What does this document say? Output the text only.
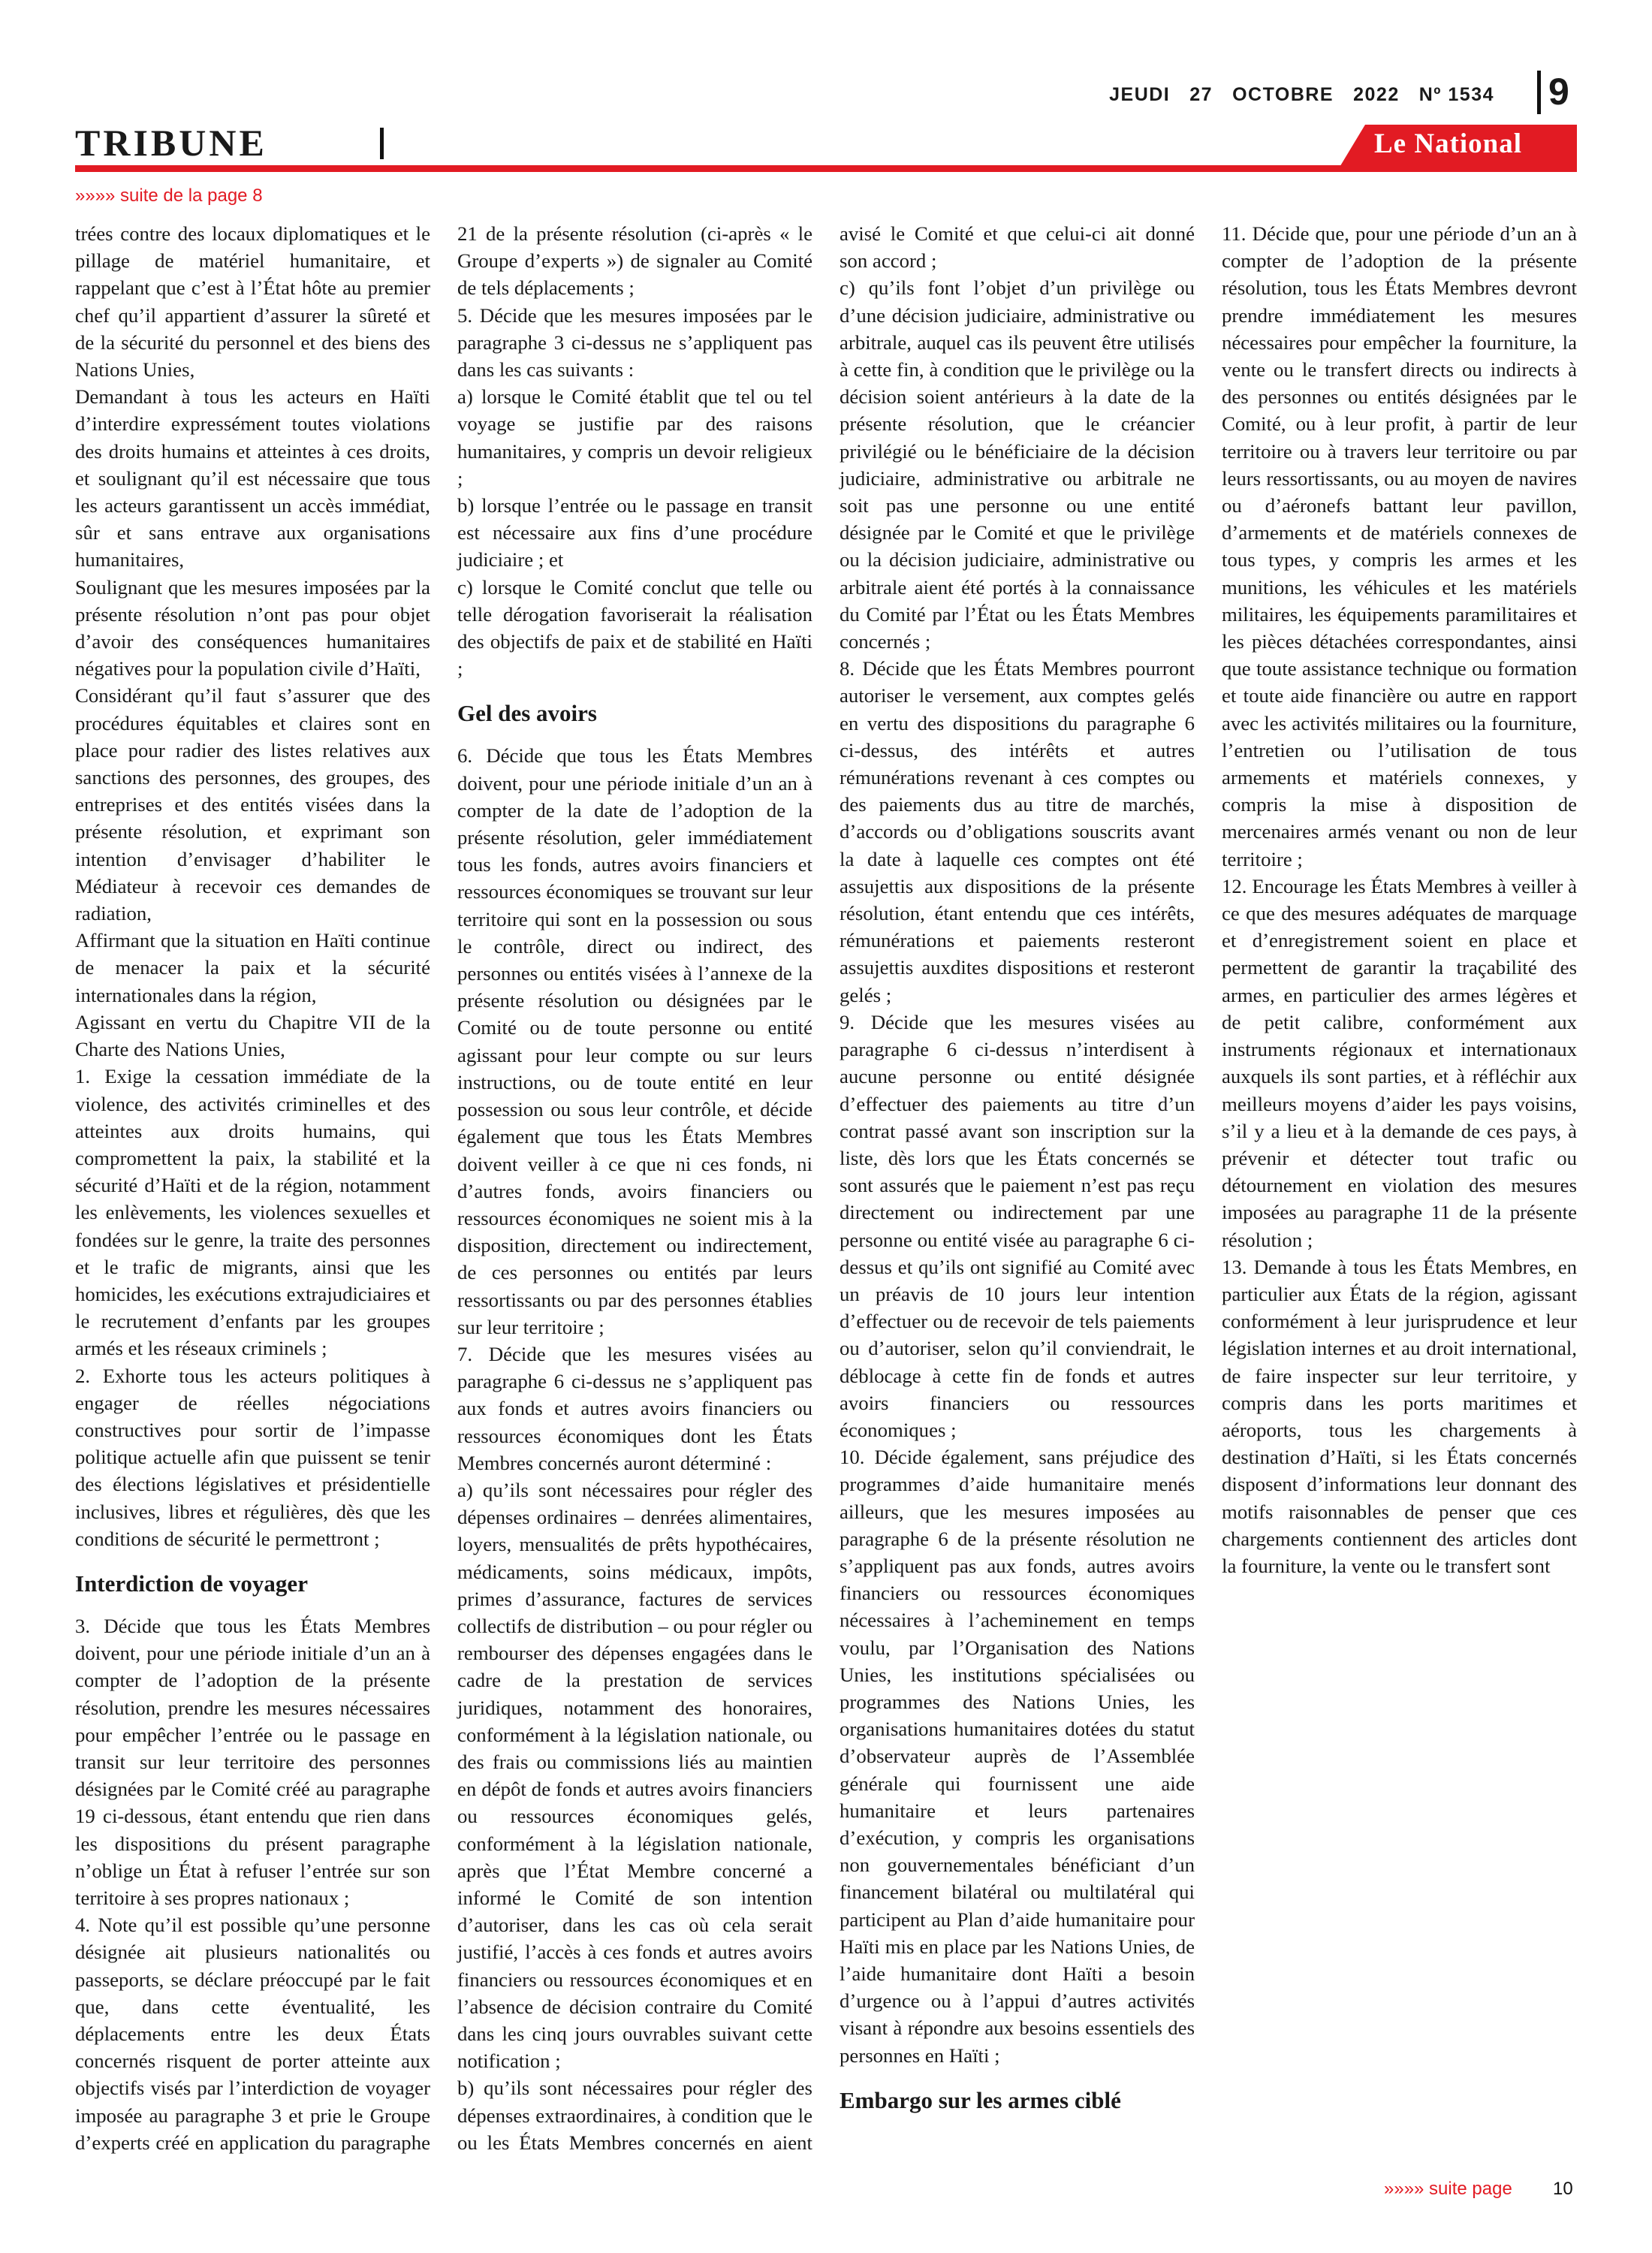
JEUDI 27 OCTOBRE 2022 Nº 1534 9
TRIBUNE	Le National
»»»» suite de la page 8

trées contre des locaux diplomatiques et le pillage de matériel humanitaire, et rappelant que c’est à l’État hôte au premier chef qu’il appartient d’assurer la sûreté et de la sécurité du personnel et des biens des Nations Unies,

Demandant à tous les acteurs en Haïti d’interdire expressément toutes violations des droits humains et atteintes à ces droits, et soulignant qu’il est nécessaire que tous les acteurs garantissent un accès immédiat, sûr et sans entrave aux organisations humanitaires,

Soulignant que les mesures imposées par la présente résolution n’ont pas pour objet d’avoir des conséquences humanitaires négatives pour la population civile d’Haïti,

Considérant qu’il faut s’assurer que des procédures équitables et claires sont en place pour radier des listes relatives aux sanctions des personnes, des groupes, des entreprises et des entités visées dans la présente résolution, et exprimant son intention d’envisager d’habiliter le Médiateur à recevoir ces demandes de radiation,

Affirmant que la situation en Haïti continue de menacer la paix et la sécurité internationales dans la région,

Agissant en vertu du Chapitre VII de la Charte des Nations Unies,

1. Exige la cessation immédiate de la violence, des activités criminelles et des atteintes aux droits humains, qui compromettent la paix, la stabilité et la sécurité d’Haïti et de la région, notamment les enlèvements, les violences sexuelles et fondées sur le genre, la traite des personnes et le trafic de migrants, ainsi que les homicides, les exécutions extrajudiciaires et le recrutement d’enfants par les groupes armés et les réseaux criminels ;

2. Exhorte tous les acteurs politiques à engager de réelles négociations constructives pour sortir de l’impasse politique actuelle afin que puissent se tenir des élections législatives et présidentielle inclusives, libres et régulières, dès que les conditions de sécurité le permettront ;

Interdiction de voyager

3. Décide que tous les États Membres doivent, pour une période initiale d’un an à compter de l’adoption de la présente résolution, prendre les mesures nécessaires pour empêcher l’entrée ou le passage en transit sur leur territoire des personnes désignées par le Comité créé au paragraphe 19 ci-dessous, étant entendu que rien dans les dispositions du présent paragraphe n’oblige un État à refuser l’entrée sur son territoire à ses propres nationaux ;

4. Note qu’il est possible qu’une personne désignée ait plusieurs nationalités ou passeports, se déclare préoccupé par le fait que, dans cette éventualité, les déplacements entre les deux États concernés risquent de porter atteinte aux objectifs visés par l’interdiction de voyager imposée au paragraphe 3 et prie le Groupe d’experts créé en application du paragraphe 21 de la présente résolution (ci-après « le Groupe d’experts ») de signaler au Comité de tels déplacements ;

5. Décide que les mesures imposées par le paragraphe 3 ci-dessus ne s’appliquent pas dans les cas suivants :

a) lorsque le Comité établit que tel ou tel voyage se justifie par des raisons humanitaires, y compris un devoir religieux ;

b) lorsque l’entrée ou le passage en transit est nécessaire aux fins d’une procédure judiciaire ; et

c) lorsque le Comité conclut que telle ou telle dérogation favoriserait la réalisation des objectifs de paix et de stabilité en Haïti ;

Gel des avoirs

6. Décide que tous les États Membres doivent, pour une période initiale d’un an à compter de la date de l’adoption de la présente résolution, geler immédiatement tous les fonds, autres avoirs financiers et ressources économiques se trouvant sur leur territoire qui sont en la possession ou sous le contrôle, direct ou indirect, des personnes ou entités visées à l’annexe de la présente résolution ou désignées par le Comité ou de toute personne ou entité agissant pour leur compte ou sur leurs instructions, ou de toute entité en leur possession ou sous leur contrôle, et décide également que tous les États Membres doivent veiller à ce que ni ces fonds, ni d’autres fonds, avoirs financiers ou ressources économiques ne soient mis à la disposition, directement ou indirectement, de ces personnes ou entités par leurs ressortissants ou par des personnes établies sur leur territoire ;

7. Décide que les mesures visées au paragraphe 6 ci-dessus ne s’appliquent pas aux fonds et autres avoirs financiers ou ressources économiques dont les États Membres concernés auront déterminé :

a) qu’ils sont nécessaires pour régler des dépenses ordinaires – denrées alimentaires, loyers, mensualités de prêts hypothécaires, médicaments, soins médicaux, impôts, primes d’assurance, factures de services collectifs de distribution – ou pour régler ou rembourser des dépenses engagées dans le cadre de la prestation de services juridiques, notamment des honoraires, conformément à la législation nationale, ou des frais ou commissions liés au maintien en dépôt de fonds et autres avoirs financiers ou ressources économiques gelés, conformément à la législation nationale, après que l’État Membre concerné a informé le Comité de son intention d’autoriser, dans les cas où cela serait justifié, l’accès à ces fonds et autres avoirs financiers ou ressources économiques et en l’absence de décision contraire du Comité dans les cinq jours ouvrables suivant cette notification ;

b) qu’ils sont nécessaires pour régler des dépenses extraordinaires, à condition que le ou les États Membres concernés en aient avisé le Comité et que celui-ci ait donné son accord ;

c) qu’ils font l’objet d’un privilège ou d’une décision judiciaire, administrative ou arbitrale, auquel cas ils peuvent être utilisés à cette fin, à condition que le privilège ou la décision soient antérieurs à la date de la présente résolution, que le créancier privilégié ou le bénéficiaire de la décision judiciaire, administrative ou arbitrale ne soit pas une personne ou une entité désignée par le Comité et que le privilège ou la décision judiciaire, administrative ou arbitrale aient été portés à la connaissance du Comité par l’État ou les États Membres concernés ;

8. Décide que les États Membres pourront autoriser le versement, aux comptes gelés en vertu des dispositions du paragraphe 6 ci-dessus, des intérêts et autres rémunérations revenant à ces comptes ou des paiements dus au titre de marchés, d’accords ou d’obligations souscrits avant la date à laquelle ces comptes ont été assujettis aux dispositions de la présente résolution, étant entendu que ces intérêts, rémunérations et paiements resteront assujettis auxdites dispositions et resteront gelés ;

9. Décide que les mesures visées au paragraphe 6 ci-dessus n’interdisent à aucune personne ou entité désignée d’effectuer des paiements au titre d’un contrat passé avant son inscription sur la liste, dès lors que les États concernés se sont assurés que le paiement n’est pas reçu directement ou indirectement par une personne ou entité visée au paragraphe 6 ci-dessus et qu’ils ont signifié au Comité avec un préavis de 10 jours leur intention d’effectuer ou de recevoir de tels paiements ou d’autoriser, selon qu’il conviendrait, le déblocage à cette fin de fonds et autres avoirs financiers ou ressources économiques ;

10. Décide également, sans préjudice des programmes d’aide humanitaire menés ailleurs, que les mesures imposées au paragraphe 6 de la présente résolution ne s’appliquent pas aux fonds, autres avoirs financiers ou ressources économiques nécessaires à l’acheminement en temps voulu, par l’Organisation des Nations Unies, les institutions spécialisées ou programmes des Nations Unies, les organisations humanitaires dotées du statut d’observateur auprès de l’Assemblée générale qui fournissent une aide humanitaire et leurs partenaires d’exécution, y compris les organisations non gouvernementales bénéficiant d’un financement bilatéral ou multilatéral qui participent au Plan d’aide humanitaire pour Haïti mis en place par les Nations Unies, de l’aide humanitaire dont Haïti a besoin d’urgence ou à l’appui d’autres activités visant à répondre aux besoins essentiels des personnes en Haïti ;

Embargo sur les armes ciblé

11. Décide que, pour une période d’un an à compter de l’adoption de la présente résolution, tous les États Membres devront prendre immédiatement les mesures nécessaires pour empêcher la fourniture, la vente ou le transfert directs ou indirects à des personnes ou entités désignées par le Comité, ou à leur profit, à partir de leur territoire ou à travers leur territoire ou par leurs ressortissants, ou au moyen de navires ou d’aéronefs battant leur pavillon, d’armements et de matériels connexes de tous types, y compris les armes et les munitions, les véhicules et les matériels militaires, les équipements paramilitaires et les pièces détachées correspondantes, ainsi que toute assistance technique ou formation et toute aide financière ou autre en rapport avec les activités militaires ou la fourniture, l’entretien ou l’utilisation de tous armements et matériels connexes, y compris la mise à disposition de mercenaires armés venant ou non de leur territoire ;

12. Encourage les États Membres à veiller à ce que des mesures adéquates de marquage et d’enregistrement soient en place et permettent de garantir la traçabilité des armes, en particulier des armes légères et de petit calibre, conformément aux instruments régionaux et internationaux auxquels ils sont parties, et à réfléchir aux meilleurs moyens d’aider les pays voisins, s’il y a lieu et à la demande de ces pays, à prévenir et détecter tout trafic ou détournement en violation des mesures imposées au paragraphe 11 de la présente résolution ;

13. Demande à tous les États Membres, en particulier aux États de la région, agissant conformément à leur jurisprudence et leur législation internes et au droit international, de faire inspecter sur leur territoire, y compris dans les ports maritimes et aéroports, tous les chargements à destination d’Haïti, si les États concernés disposent d’informations leur donnant des motifs raisonnables de penser que ces chargements contiennent des articles dont la fourniture, la vente ou le transfert sont

»»»» suite page 10
